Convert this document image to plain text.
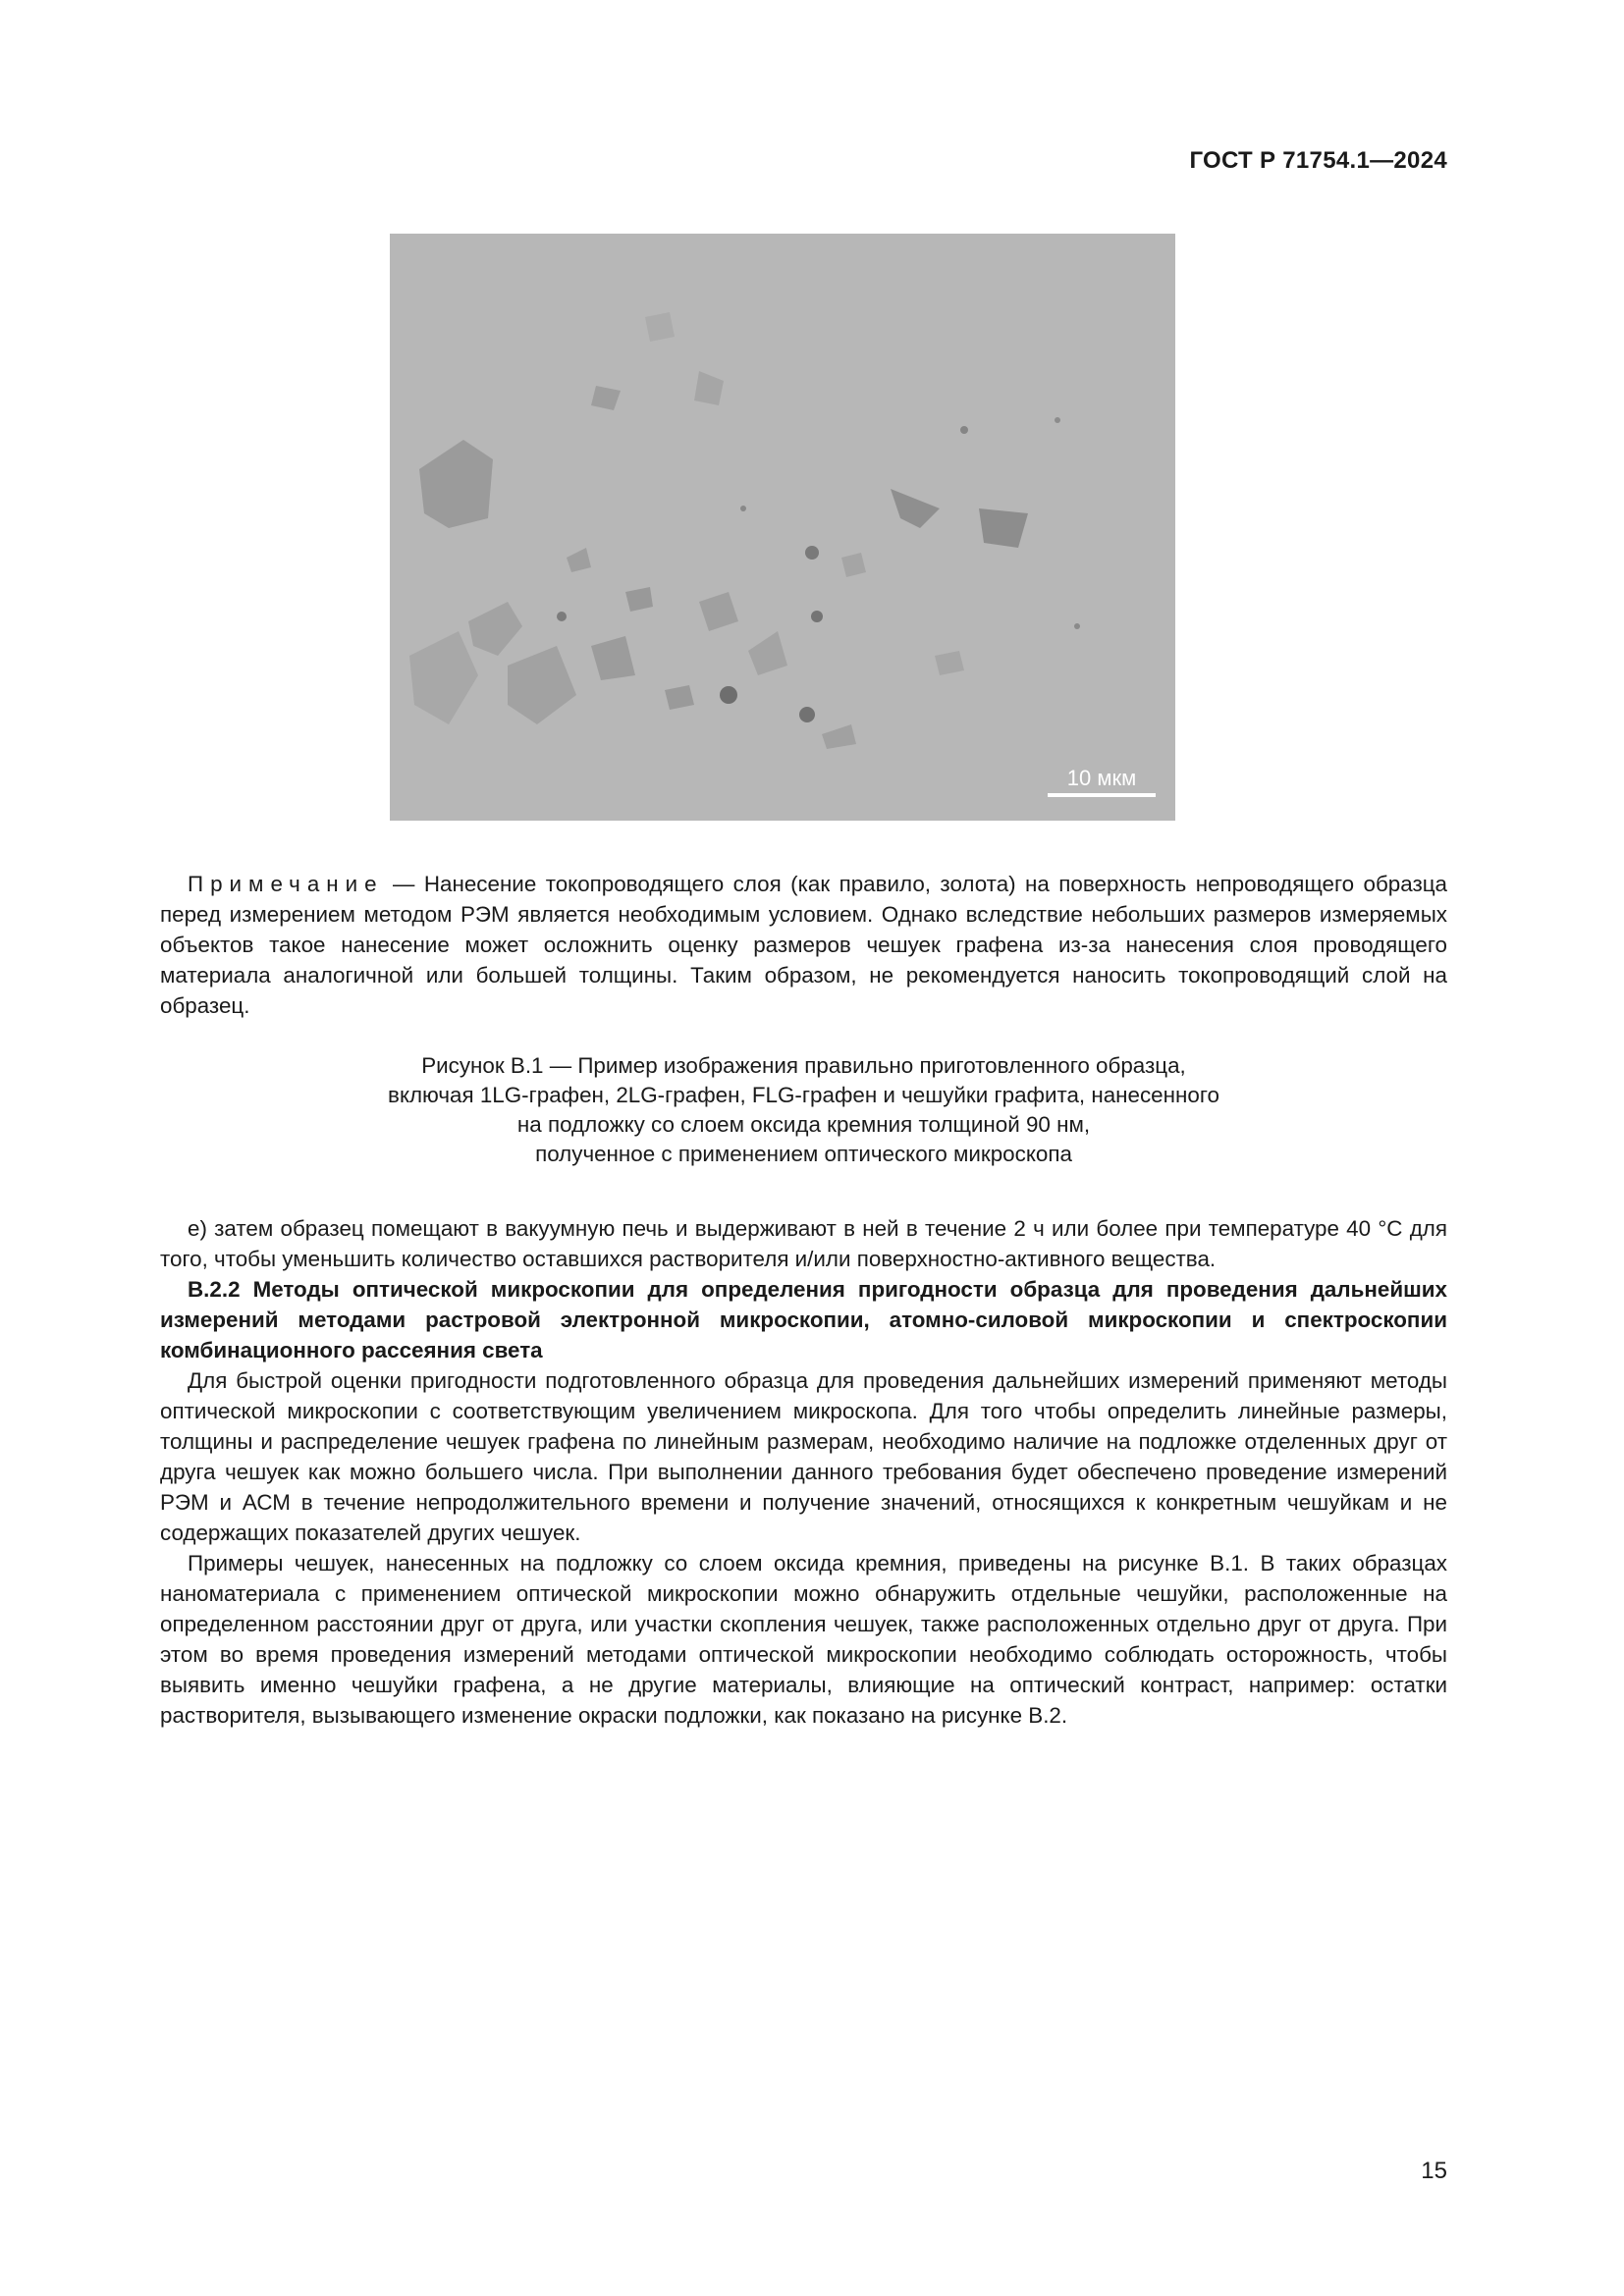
ГОСТ Р 71754.1—2024
10 мкм

Примечание — Нанесение токопроводящего слоя (как правило, золота) на поверхность непроводящего образца перед измерением методом РЭМ является необходимым условием. Однако вследствие небольших размеров измеряемых объектов такое нанесение может осложнить оценку размеров чешуек графена из-за нанесения слоя проводящего материала аналогичной или большей толщины. Таким образом, не рекомендуется наносить токопроводящий слой на образец.

Рисунок В.1 — Пример изображения правильно приготовленного образца,
включая 1LG-графен, 2LG-графен, FLG-графен и чешуйки графита, нанесенного
на подложку со слоем оксида кремния толщиной 90 нм,
полученное с применением оптического микроскопа

е) затем образец помещают в вакуумную печь и выдерживают в ней в течение 2 ч или более при температуре 40 °С для того, чтобы уменьшить количество оставшихся растворителя и/или поверхностно-активного вещества.

В.2.2 Методы оптической микроскопии для определения пригодности образца для проведения дальнейших измерений методами растровой электронной микроскопии, атомно-силовой микроскопии и спектроскопии комбинационного рассеяния света

Для быстрой оценки пригодности подготовленного образца для проведения дальнейших измерений применяют методы оптической микроскопии с соответствующим увеличением микроскопа. Для того чтобы определить линейные размеры, толщины и распределение чешуек графена по линейным размерам, необходимо наличие на подложке отделенных друг от друга чешуек как можно большего числа. При выполнении данного требования будет обеспечено проведение измерений РЭМ и АСМ в течение непродолжительного времени и получение значений, относящихся к конкретным чешуйкам и не содержащих показателей других чешуек.

Примеры чешуек, нанесенных на подложку со слоем оксида кремния, приведены на рисунке В.1. В таких образцах наноматериала с применением оптической микроскопии можно обнаружить отдельные чешуйки, расположенные на определенном расстоянии друг от друга, или участки скопления чешуек, также расположенных отдельно друг от друга. При этом во время проведения измерений методами оптической микроскопии необходимо соблюдать осторожность, чтобы выявить именно чешуйки графена, а не другие материалы, влияющие на оптический контраст, например: остатки растворителя, вызывающего изменение окраски подложки, как показано на рисунке В.2.

15
